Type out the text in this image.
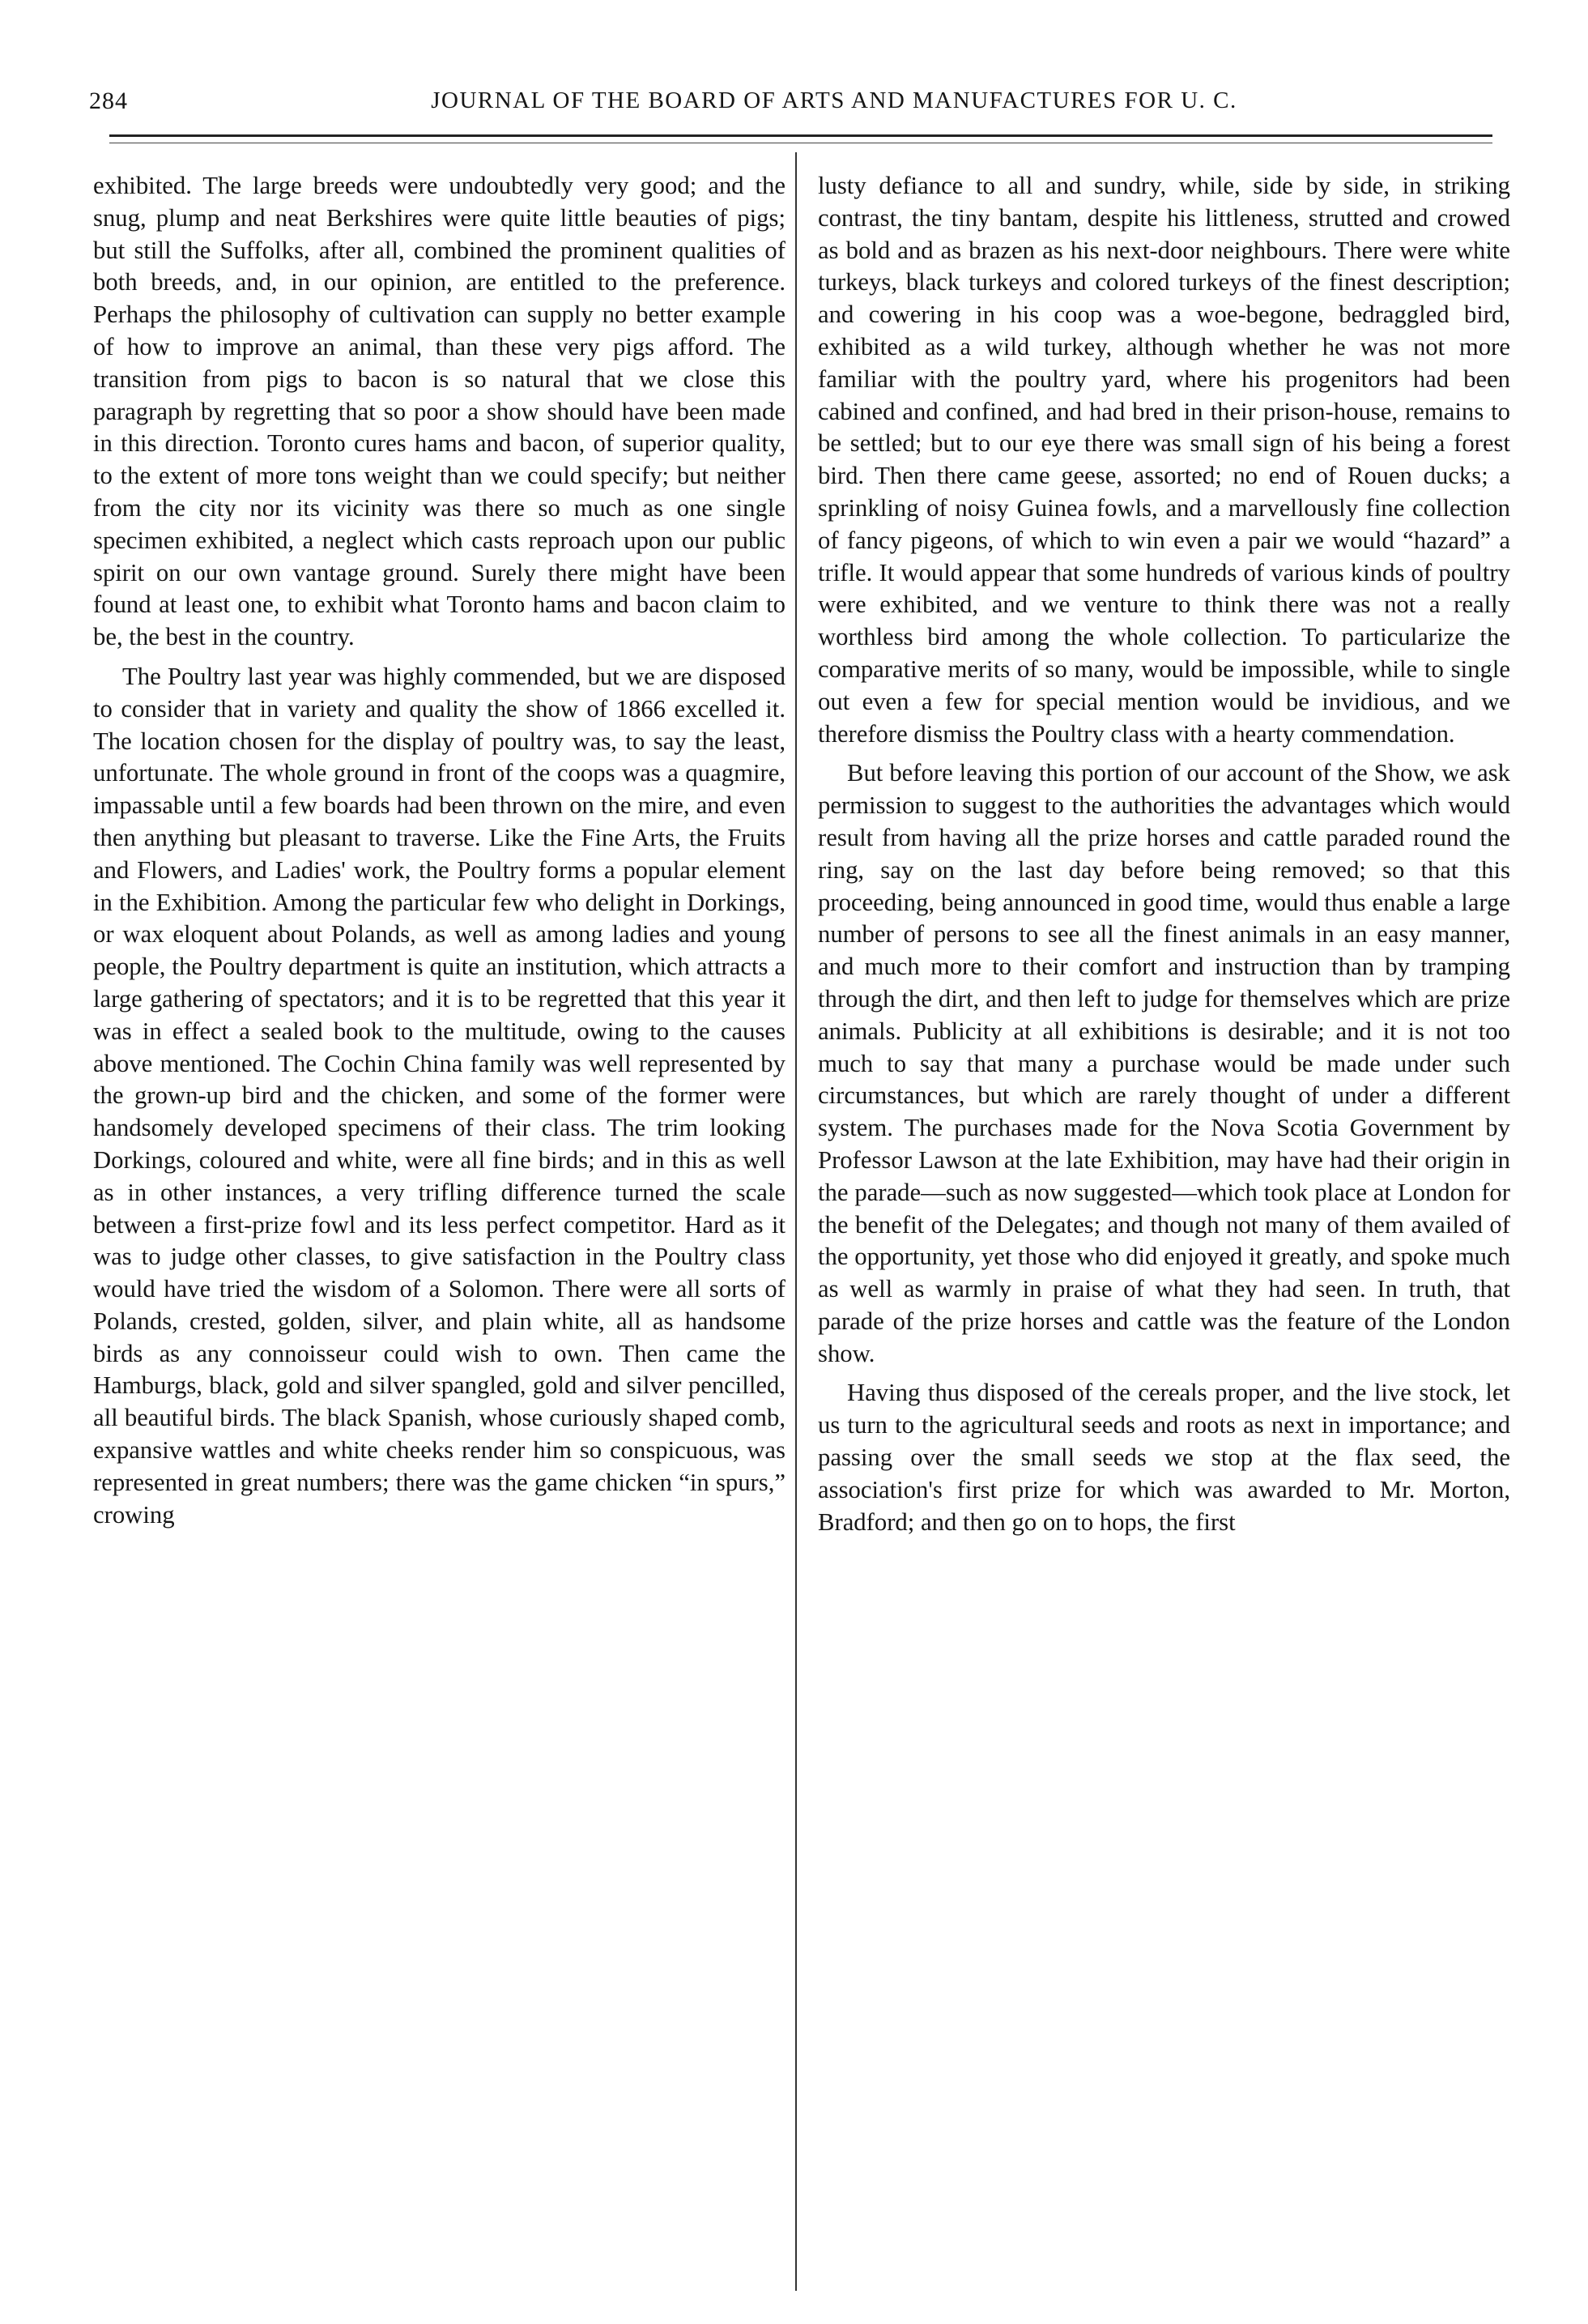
284	JOURNAL OF THE BOARD OF ARTS AND MANUFACTURES FOR U. C.

exhibited. The large breeds were undoubtedly very good; and the snug, plump and neat Berkshires were quite little beauties of pigs; but still the Suffolks, after all, combined the prominent qualities of both breeds, and, in our opinion, are entitled to the preference. Perhaps the philosophy of cultivation can supply no better example of how to improve an animal, than these very pigs afford. The transition from pigs to bacon is so natural that we close this paragraph by regretting that so poor a show should have been made in this direction. Toronto cures hams and bacon, of superior quality, to the extent of more tons weight than we could specify; but neither from the city nor its vicinity was there so much as one single specimen exhibited, a neglect which casts reproach upon our public spirit on our own vantage ground. Surely there might have been found at least one, to exhibit what Toronto hams and bacon claim to be, the best in the country.

The Poultry last year was highly commended, but we are disposed to consider that in variety and quality the show of 1866 excelled it. The location chosen for the display of poultry was, to say the least, unfortunate. The whole ground in front of the coops was a quagmire, impassable until a few boards had been thrown on the mire, and even then anything but pleasant to traverse. Like the Fine Arts, the Fruits and Flowers, and Ladies' work, the Poultry forms a popular element in the Exhibition. Among the particular few who delight in Dorkings, or wax eloquent about Polands, as well as among ladies and young people, the Poultry department is quite an institution, which attracts a large gathering of spectators; and it is to be regretted that this year it was in effect a sealed book to the multitude, owing to the causes above mentioned. The Cochin China family was well represented by the grown-up bird and the chicken, and some of the former were handsomely developed specimens of their class. The trim looking Dorkings, coloured and white, were all fine birds; and in this as well as in other instances, a very trifling difference turned the scale between a first-prize fowl and its less perfect competitor. Hard as it was to judge other classes, to give satisfaction in the Poultry class would have tried the wisdom of a Solomon. There were all sorts of Polands, crested, golden, silver, and plain white, all as handsome birds as any connoisseur could wish to own. Then came the Hamburgs, black, gold and silver spangled, gold and silver pencilled, all beautiful birds. The black Spanish, whose curiously shaped comb, expansive wattles and white cheeks render him so conspicuous, was represented in great numbers; there was the game chicken “in spurs,” crowing

lusty defiance to all and sundry, while, side by side, in striking contrast, the tiny bantam, despite his littleness, strutted and crowed as bold and as brazen as his next-door neighbours. There were white turkeys, black turkeys and colored turkeys of the finest description; and cowering in his coop was a woe-begone, bedraggled bird, exhibited as a wild turkey, although whether he was not more familiar with the poultry yard, where his progenitors had been cabined and confined, and had bred in their prison-house, remains to be settled; but to our eye there was small sign of his being a forest bird. Then there came geese, assorted; no end of Rouen ducks; a sprinkling of noisy Guinea fowls, and a marvellously fine collection of fancy pigeons, of which to win even a pair we would “hazard” a trifle. It would appear that some hundreds of various kinds of poultry were exhibited, and we venture to think there was not a really worthless bird among the whole collection. To particularize the comparative merits of so many, would be impossible, while to single out even a few for special mention would be invidious, and we therefore dismiss the Poultry class with a hearty commendation.

But before leaving this portion of our account of the Show, we ask permission to suggest to the authorities the advantages which would result from having all the prize horses and cattle paraded round the ring, say on the last day before being removed; so that this proceeding, being announced in good time, would thus enable a large number of persons to see all the finest animals in an easy manner, and much more to their comfort and instruction than by tramping through the dirt, and then left to judge for themselves which are prize animals. Publicity at all exhibitions is desirable; and it is not too much to say that many a purchase would be made under such circumstances, but which are rarely thought of under a different system. The purchases made for the Nova Scotia Government by Professor Lawson at the late Exhibition, may have had their origin in the parade—such as now suggested—which took place at London for the benefit of the Delegates; and though not many of them availed of the opportunity, yet those who did enjoyed it greatly, and spoke much as well as warmly in praise of what they had seen. In truth, that parade of the prize horses and cattle was the feature of the London show.

Having thus disposed of the cereals proper, and the live stock, let us turn to the agricultural seeds and roots as next in importance; and passing over the small seeds we stop at the flax seed, the association's first prize for which was awarded to Mr. Morton, Bradford; and then go on to hops, the first
